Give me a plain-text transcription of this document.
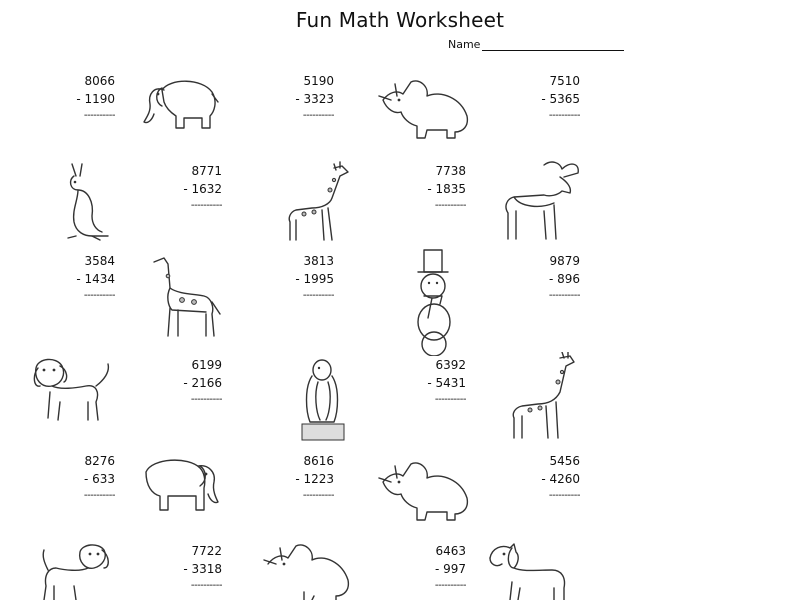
Fun Math Worksheet
Name
8066
- 1190
----------
5190
- 3323
----------
7510
- 5365
----------
8771
- 1632
----------
7738
- 1835
----------
3584
- 1434
----------
3813
- 1995
----------
9879
- 896
----------
6199
- 2166
----------
6392
- 5431
----------
8276
- 633
----------
8616
- 1223
----------
5456
- 4260
----------
7722
- 3318
----------
6463
- 997
----------
